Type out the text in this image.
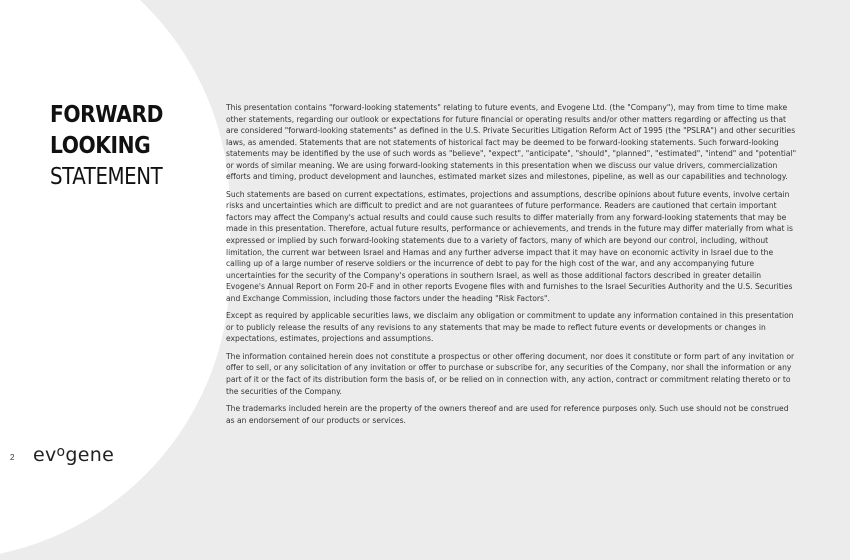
FORWARD
LOOKING
STATEMENT

This presentation contains "forward-looking statements" relating to future events, and Evogene Ltd. (the "Company"), may from time to time make other statements, regarding our outlook or expectations for future financial or operating results and/or other matters regarding or affecting us that are considered "forward-looking statements" as defined in the U.S. Private Securities Litigation Reform Act of 1995 (the "PSLRA") and other securities laws, as amended. Statements that are not statements of historical fact may be deemed to be forward-looking statements. Such forward-looking statements may be identified by the use of such words as "believe", "expect", "anticipate", "should", "planned", "estimated", "intend" and "potential" or words of similar meaning. We are using forward-looking statements in this presentation when we discuss our value drivers, commercialization efforts and timing, product development and launches, estimated market sizes and milestones, pipeline, as well as our capabilities and technology.

Such statements are based on current expectations, estimates, projections and assumptions, describe opinions about future events, involve certain risks and uncertainties which are difficult to predict and are not guarantees of future performance. Readers are cautioned that certain important factors may affect the Company's actual results and could cause such results to differ materially from any forward-looking statements that may be made in this presentation. Therefore, actual future results, performance or achievements, and trends in the future may differ materially from what is expressed or implied by such forward-looking statements due to a variety of factors, many of which are beyond our control, including, without limitation, the current war between Israel and Hamas and any further adverse impact that it may have on economic activity in Israel due to the calling up of a large number of reserve soldiers or the incurrence of debt to pay for the high cost of the war, and any accompanying future uncertainties for the security of the Company's operations in southern Israel, as well as those additional factors described in greater detailin Evogene's Annual Report on Form 20-F and in other reports Evogene files with and furnishes to the Israel Securities Authority and the U.S. Securities and Exchange Commission, including those factors under the heading "Risk Factors".

Except as required by applicable securities laws, we disclaim any obligation or commitment to update any information contained in this presentation or to publicly release the results of any revisions to any statements that may be made to reflect future events or developments or changes in expectations, estimates, projections and assumptions.

The information contained herein does not constitute a prospectus or other offering document, nor does it constitute or form part of any invitation or offer to sell, or any solicitation of any invitation or offer to purchase or subscribe for, any securities of the Company, nor shall the information or any part of it or the fact of its distribution form the basis of, or be relied on in connection with, any action, contract or commitment relating thereto or to the securities of the Company.

The trademarks included herein are the property of the owners thereof and are used for reference purposes only. Such use should not be construed as an endorsement of our products or services.

2 $ev^ogene$
